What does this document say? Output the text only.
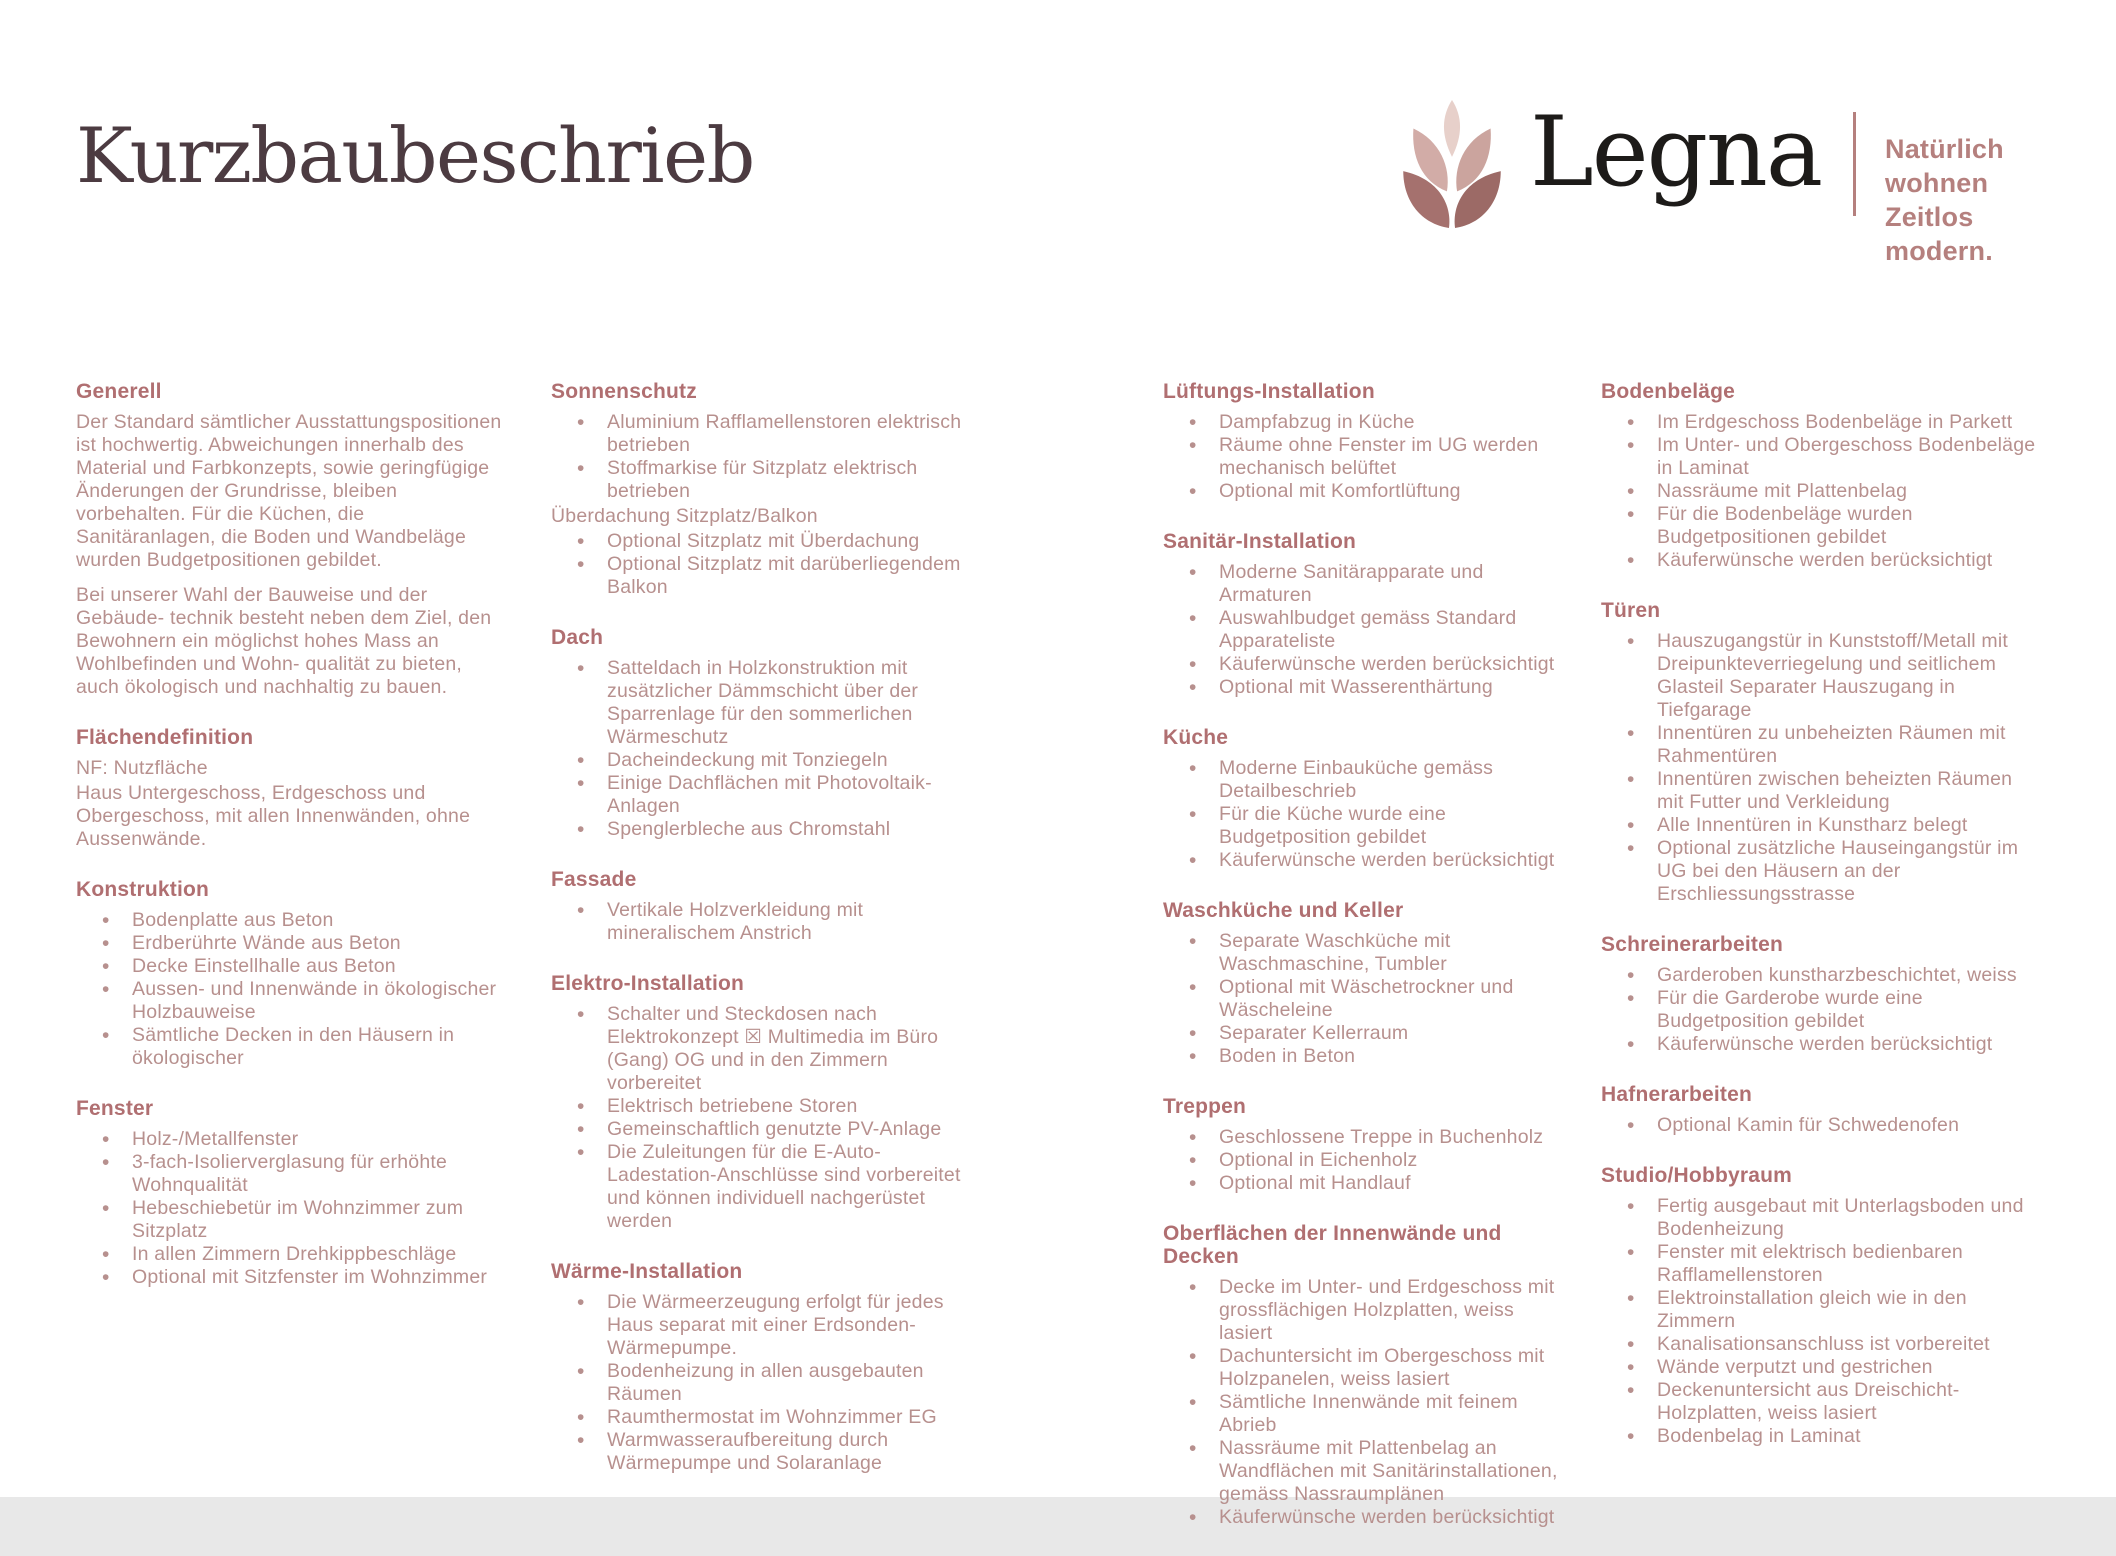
Kurzbaubeschrieb	Legna Natürlich wohnen
Zeitlos modern.
Generell

Der Standard sämtlicher Ausstattungspositionen ist hochwertig. Abweichungen innerhalb des Material und Farbkonzepts, sowie geringfügige Änderungen der Grundrisse, bleiben vorbehalten. Für die Küchen, die Sanitäranlagen, die Boden und Wandbeläge wurden Budgetpositionen gebildet.

Bei unserer Wahl der Bauweise und der Gebäude- technik besteht neben dem Ziel, den Bewohnern ein möglichst hohes Mass an Wohlbefinden und Wohn- qualität zu bieten, auch ökologisch und nachhaltig zu bauen.

Flächendefinition

NF: Nutzfläche

Haus Untergeschoss, Erdgeschoss und Obergeschoss, mit allen Innenwänden, ohne Aussenwände.

Konstruktion
• Bodenplatte aus Beton
• Erdberührte Wände aus Beton
• Decke Einstellhalle aus Beton
• Aussen- und Innenwände in ökologischer Holzbauweise
• Sämtliche Decken in den Häusern in ökologischer
Fenster
• Holz-/Metallfenster
• 3-fach-Isolierverglasung für erhöhte Wohnqualität
• Hebeschiebetür im Wohnzimmer zum Sitzplatz
• In allen Zimmern Drehkippbeschläge
• Optional mit Sitzfenster im Wohnzimmer
Sonnenschutz
• Aluminium Rafflamellenstoren elektrisch betrieben
• Stoffmarkise für Sitzplatz elektrisch betrieben

Überdachung Sitzplatz/Balkon

• Optional Sitzplatz mit Überdachung
• Optional Sitzplatz mit darüberliegendem Balkon
Dach
• Satteldach in Holzkonstruktion mit zusätzlicher Dämmschicht über der Sparrenlage für den sommerlichen Wärmeschutz
• Dacheindeckung mit Tonziegeln
• Einige Dachflächen mit Photovoltaik-Anlagen
• Spenglerbleche aus Chromstahl
Fassade
• Vertikale Holzverkleidung mit mineralischem Anstrich
Elektro-Installation
• Schalter und Steckdosen nach Elektrokonzept ☒ Multimedia im Büro (Gang) OG und in den Zimmern vorbereitet
• Elektrisch betriebene Storen
• Gemeinschaftlich genutzte PV-Anlage
• Die Zuleitungen für die E-Auto-Ladestation-Anschlüsse sind vorbereitet und können individuell nachgerüstet werden
Wärme-Installation
• Die Wärmeerzeugung erfolgt für jedes Haus separat mit einer Erdsonden-Wärmepumpe.
• Bodenheizung in allen ausgebauten Räumen
• Raumthermostat im Wohnzimmer EG
• Warmwasseraufbereitung durch Wärmepumpe und Solaranlage
Lüftungs-Installation
• Dampfabzug in Küche
• Räume ohne Fenster im UG werden mechanisch belüftet
• Optional mit Komfortlüftung
Sanitär-Installation
• Moderne Sanitärapparate und Armaturen
• Auswahlbudget gemäss Standard Apparateliste
• Käuferwünsche werden berücksichtigt
• Optional mit Wasserenthärtung
Küche
• Moderne Einbauküche gemäss Detailbeschrieb
• Für die Küche wurde eine Budgetposition gebildet
• Käuferwünsche werden berücksichtigt
Waschküche und Keller
• Separate Waschküche mit Waschmaschine, Tumbler
• Optional mit Wäschetrockner und Wäscheleine
• Separater Kellerraum
• Boden in Beton
Treppen
• Geschlossene Treppe in Buchenholz
• Optional in Eichenholz
• Optional mit Handlauf
Oberflächen der Innenwände und Decken
• Decke im Unter- und Erdgeschoss mit grossflächigen Holzplatten, weiss lasiert
• Dachuntersicht im Obergeschoss mit Holzpanelen, weiss lasiert
• Sämtliche Innenwände mit feinem Abrieb
• Nassräume mit Plattenbelag an Wandflächen mit Sanitärinstallationen, gemäss Nassraumplänen
• Käuferwünsche werden berücksichtigt
Bodenbeläge
• Im Erdgeschoss Bodenbeläge in Parkett
• Im Unter- und Obergeschoss Bodenbeläge in Laminat
• Nassräume mit Plattenbelag
• Für die Bodenbeläge wurden Budgetpositionen gebildet
• Käuferwünsche werden berücksichtigt
Türen
• Hauszugangstür in Kunststoff/Metall mit Dreipunkteverriegelung und seitlichem Glasteil Separater Hauszugang in Tiefgarage
• Innentüren zu unbeheizten Räumen mit Rahmentüren
• Innentüren zwischen beheizten Räumen mit Futter und Verkleidung
• Alle Innentüren in Kunstharz belegt
• Optional zusätzliche Hauseingangstür im UG bei den Häusern an der Erschliessungsstrasse
Schreinerarbeiten
• Garderoben kunstharzbeschichtet, weiss
• Für die Garderobe wurde eine Budgetposition gebildet
• Käuferwünsche werden berücksichtigt
Hafnerarbeiten
• Optional Kamin für Schwedenofen
Studio/Hobbyraum
• Fertig ausgebaut mit Unterlagsboden und Bodenheizung
• Fenster mit elektrisch bedienbaren Rafflamellenstoren
• Elektroinstallation gleich wie in den Zimmern
• Kanalisationsanschluss ist vorbereitet
• Wände verputzt und gestrichen
• Deckenuntersicht aus Dreischicht-Holzplatten, weiss lasiert
• Bodenbelag in Laminat
